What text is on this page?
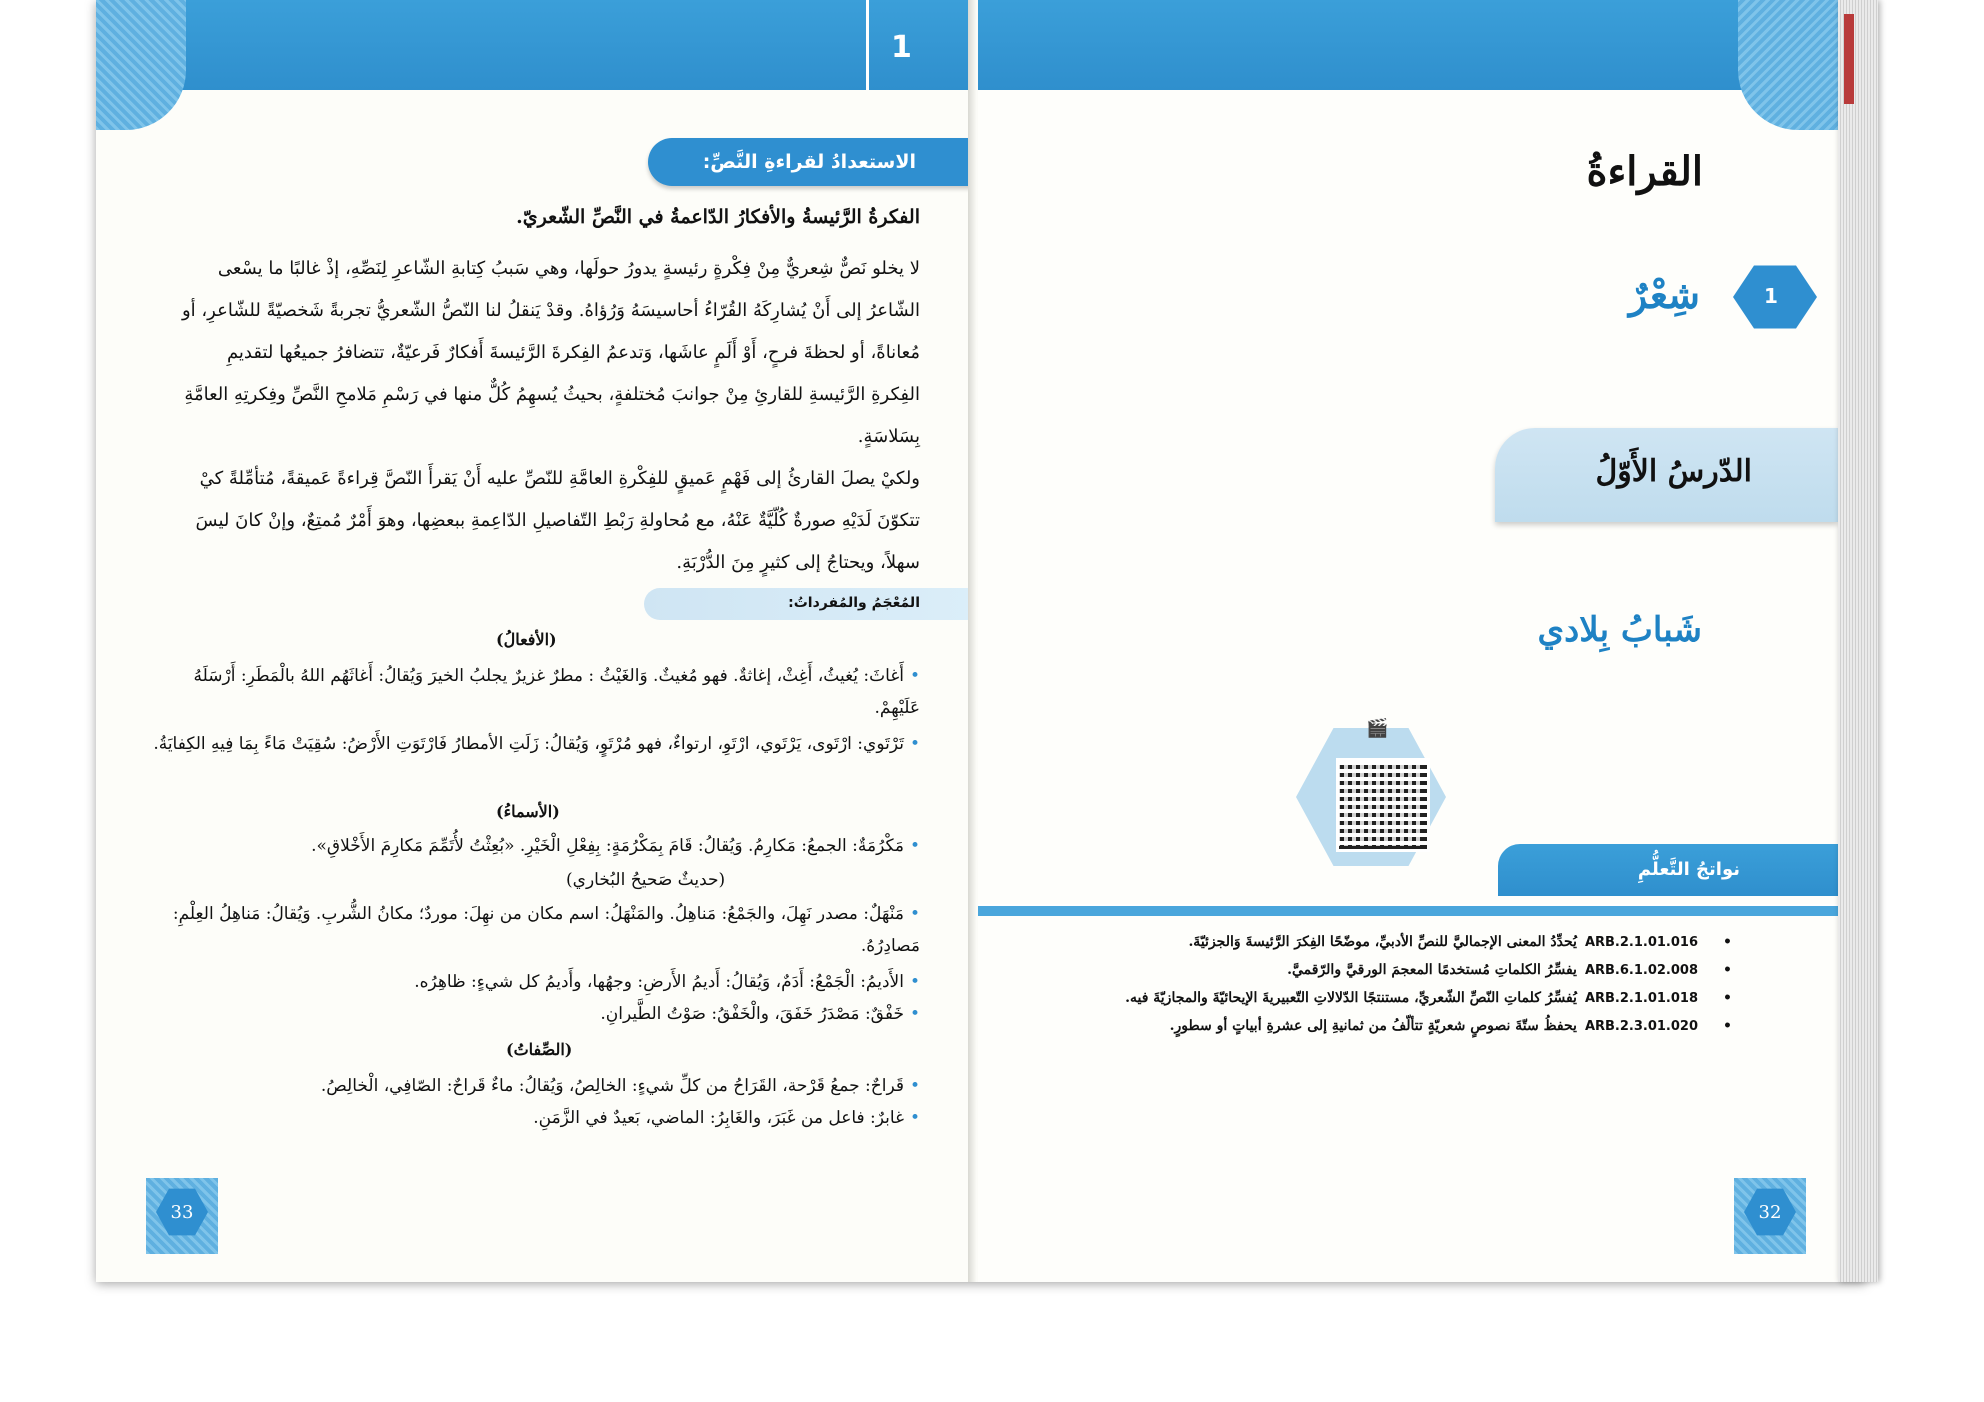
1
الاستعدادُ لقراءةِ النَّصِّ:
الفكرةُ الرَّئيسةُ والأفكارُ الدّاعمةُ في النَّصِّ الشّعريّ.
لا يخلو نَصٌّ شِعريٌّ مِنْ فِكْرةٍ رئيسةٍ يدورُ حولَها، وهي سَببُ كِتابةِ الشّاعرِ لِنَصِّهِ، إذْ غالبًا ما يسْعى الشّاعرُ إلى أَنْ يُشارِكَهُ القُرّاءُ أحاسيسَهُ وَرُؤاهُ. وقدْ يَنقلُ لنا النّصُّ الشّعريُّ تجربةً شَخصيّةً للشّاعرِ، أو مُعاناةً، أو لحظةَ فرحٍ، أَوْ أَلَمٍ عاشَها، وَتدعمُ الفِكرةَ الرَّئيسةَ أَفكارٌ فَرعيّةٌ، تتضافرُ جميعُها لتقديمِ الفِكرةِ الرَّئيسةِ للقارئِ مِنْ جوانبَ مُختلفةٍ، بحيثُ يُسهِمُ كُلٌّ منها في رَسْمِ مَلامحِ النَّصِّ وفِكرتِهِ العامَّةِ بِسَلاسَةٍ.
ولكيْ يصلَ القارئُ إلى فَهْمٍ عَميقٍ للفِكْرةِ العامَّةِ للنّصِّ عليه أَنْ يَقرأَ النّصَّ قِراءةً عَميقةً، مُتأمِّلةً كيْ تتكوّنَ لَدَيْهِ صورةٌ كُلّيَّةٌ عَنْهُ، مع مُحاولةِ رَبْطِ التّفاصيلِ الدّاعِمةِ ببعضِها، وهوَ أَمْرٌ مُمتِعٌ، وإنْ كانَ ليسَ سهلاً، ويحتاجُ إلى كثيرٍ مِنَ الدُّرْبَةِ.
المُعْجَمُ والمُفرداتُ:
(الأفعالُ)
•أَغاثَ: يُغيثُ، أَغِثْ، إغاثةٌ. فهو مُغيثٌ. وَالغَيْثُ : مطرٌ غزيرٌ يجلبُ الخيرَ وَيُقالُ: أَغاثَهُم اللهُ بالْمَطَرِ: أَرْسَلَهُ عَلَيْهِمْ.
•تَرْتَوي: ارْتَوى، يَرْتَوي، ارْتَوِ، ارتواءٌ، فهو مُرْتَوٍ، وَيُقالُ: زَلَتِ الأمطارُ فَارْتَوَتِ الأَرْضُ: سُقِيَتْ مَاءً بِمَا فِيهِ الكِفايَةُ.
(الأسماءُ)
•مَكْرُمَةٌ: الجمعُ: مَكارِمُ. وَيُقالُ: قَامَ بِمَكْرُمَةٍ: بِفِعْلِ الْخَيْرِ. «بُعِثْتُ لأُتَمِّمَ مَكارِمَ الأَخْلاقِ».
(حديثٌ صَحيحُ البُخاري)
•مَنْهَلٌ: مصدر نَهِلَ، والجَمْعُ: مَناهِلُ. والمَنْهَلُ: اسم مكان من نهِلَ: موردٌ؛ مكانُ الشُّربِ. وَيُقالُ: مَناهِلُ العِلْمِ: مَصادِرُهُ.
•الأَديمُ: الْجَمْعُ: أَدَمٌ، وَيُقالُ: أَديمُ الأَرضِ: وجهُها، وأَديمُ كل شيءٍ: ظاهِرُه.
•خَفْقٌ: مَصْدَرُ خَفَقَ، والْخَفْقُ: صَوْتُ الطَّيرانِ.
(الصِّفاتُ)
•قَراحٌ: جمعُ قَرْحة، القَرَاحُ من كلِّ شيءٍ: الخالِصُ، وَيُقالُ: ماءٌ قَراحٌ: الصّافِي، الْخالِصُ.
•غابرٌ: فاعل من غَبَرَ، والغَابِرُ: الماضي، بَعيدٌ في الزَّمَنِ.
33
القراءةُ
1
شِعْرٌ
الدّرسُ الأَوّلُ
شَبابُ بِلادي
🎬
نواتجُ التَّعلُّمِ
•
ARB.2.1.01.016يُحدِّدُ المعنى الإجماليَّ للنصِّ الأدبيِّ، موضّحًا الفِكرَ الرَّئيسةَ وَالجزئيّةَ.
•
ARB.6.1.02.008يفسِّرُ الكلماتِ مُستخدمًا المعجمَ الورقيَّ والرّقميَّ.
•
ARB.2.1.01.018يُفسِّرُ كلماتِ النّصِّ الشّعريِّ، مستنتجًا الدّلالاتِ التّعبيريةَ الإيحائيّةَ والمجازيّةَ فيه.
•
ARB.2.3.01.020يحفظُ ستّةَ نصوصٍ شعريّةٍ تتألّفُ من ثمانيةِ إلى عشرةِ أبياتٍ أو سطورٍ.
32
